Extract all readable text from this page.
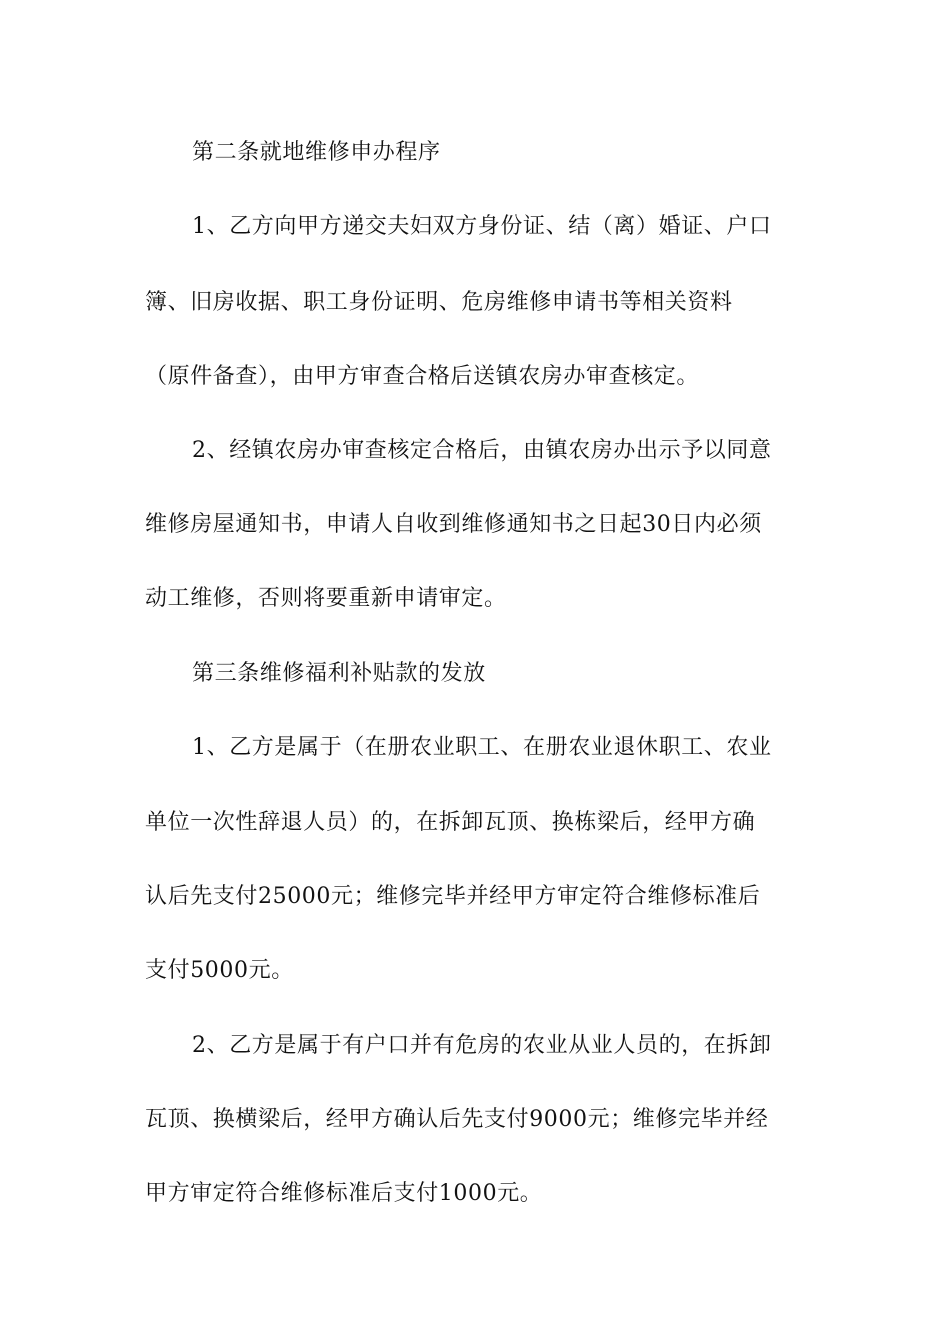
第二条就地维修申办程序
1、乙方向甲方递交夫妇双方身份证、结（离）婚证、户口
簿、旧房收据、职工身份证明、危房维修申请书等相关资料
（原件备查），由甲方审查合格后送镇农房办审查核定。
2、经镇农房办审查核定合格后，由镇农房办出示予以同意
维修房屋通知书，申请人自收到维修通知书之日起30日内必须
动工维修，否则将要重新申请审定。
第三条维修福利补贴款的发放
1、乙方是属于（在册农业职工、在册农业退休职工、农业
单位一次性辞退人员）的，在拆卸瓦顶、换栋梁后，经甲方确
认后先支付25000元；维修完毕并经甲方审定符合维修标准后
支付5000元。
2、乙方是属于有户口并有危房的农业从业人员的，在拆卸
瓦顶、换横梁后，经甲方确认后先支付9000元；维修完毕并经
甲方审定符合维修标准后支付1000元。
